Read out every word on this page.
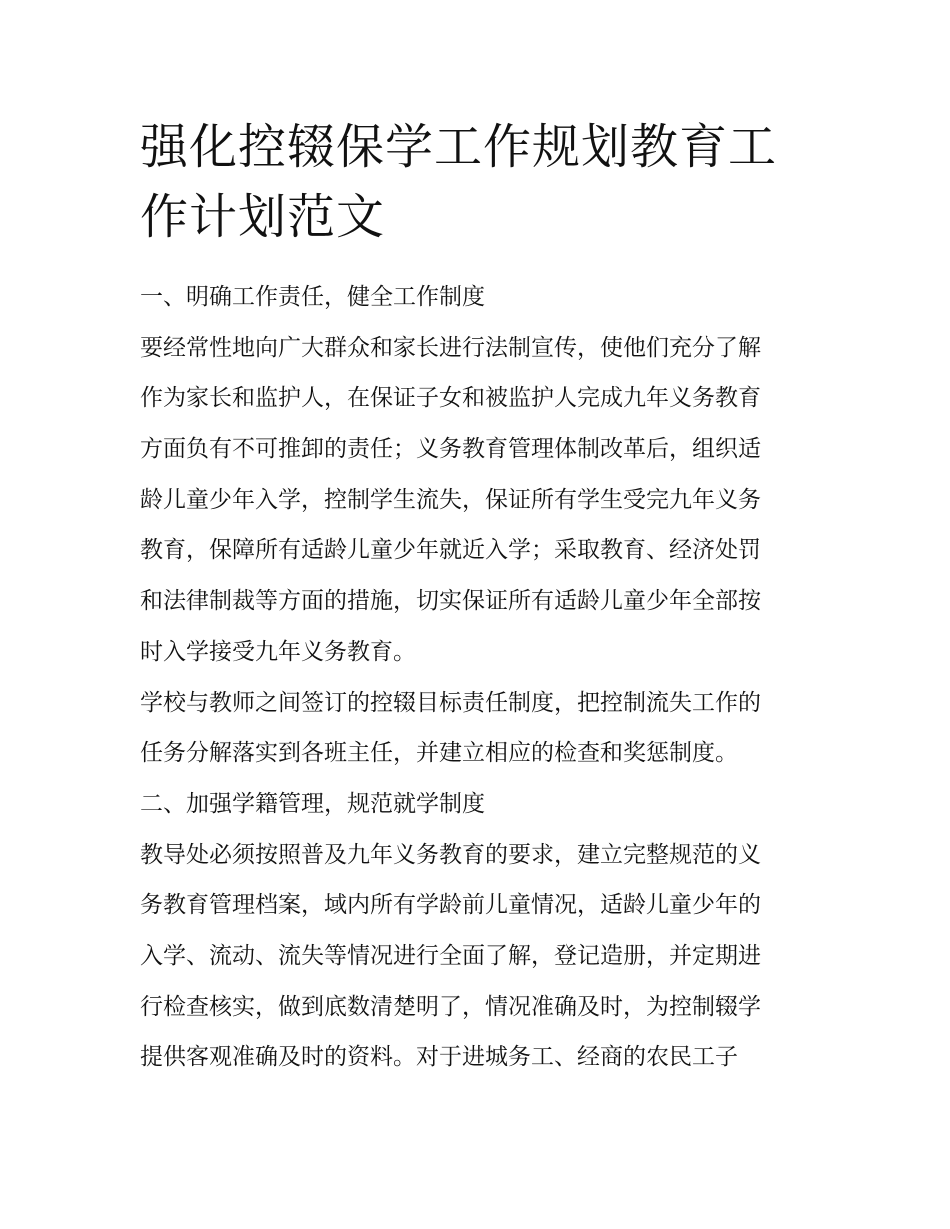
强化控辍保学工作规划教育工
作计划范文

一、明确工作责任，健全工作制度

要经常性地向广大群众和家长进行法制宣传，使他们充分了解

作为家长和监护人，在保证子女和被监护人完成九年义务教育

方面负有不可推卸的责任；义务教育管理体制改革后，组织适

龄儿童少年入学，控制学生流失，保证所有学生受完九年义务

教育，保障所有适龄儿童少年就近入学；采取教育、经济处罚

和法律制裁等方面的措施，切实保证所有适龄儿童少年全部按

时入学接受九年义务教育。

学校与教师之间签订的控辍目标责任制度，把控制流失工作的

任务分解落实到各班主任，并建立相应的检查和奖惩制度。

二、加强学籍管理，规范就学制度

教导处必须按照普及九年义务教育的要求，建立完整规范的义

务教育管理档案，域内所有学龄前儿童情况，适龄儿童少年的

入学、流动、流失等情况进行全面了解，登记造册，并定期进

行检查核实，做到底数清楚明了，情况准确及时，为控制辍学

提供客观准确及时的资料。对于进城务工、经商的农民工子
